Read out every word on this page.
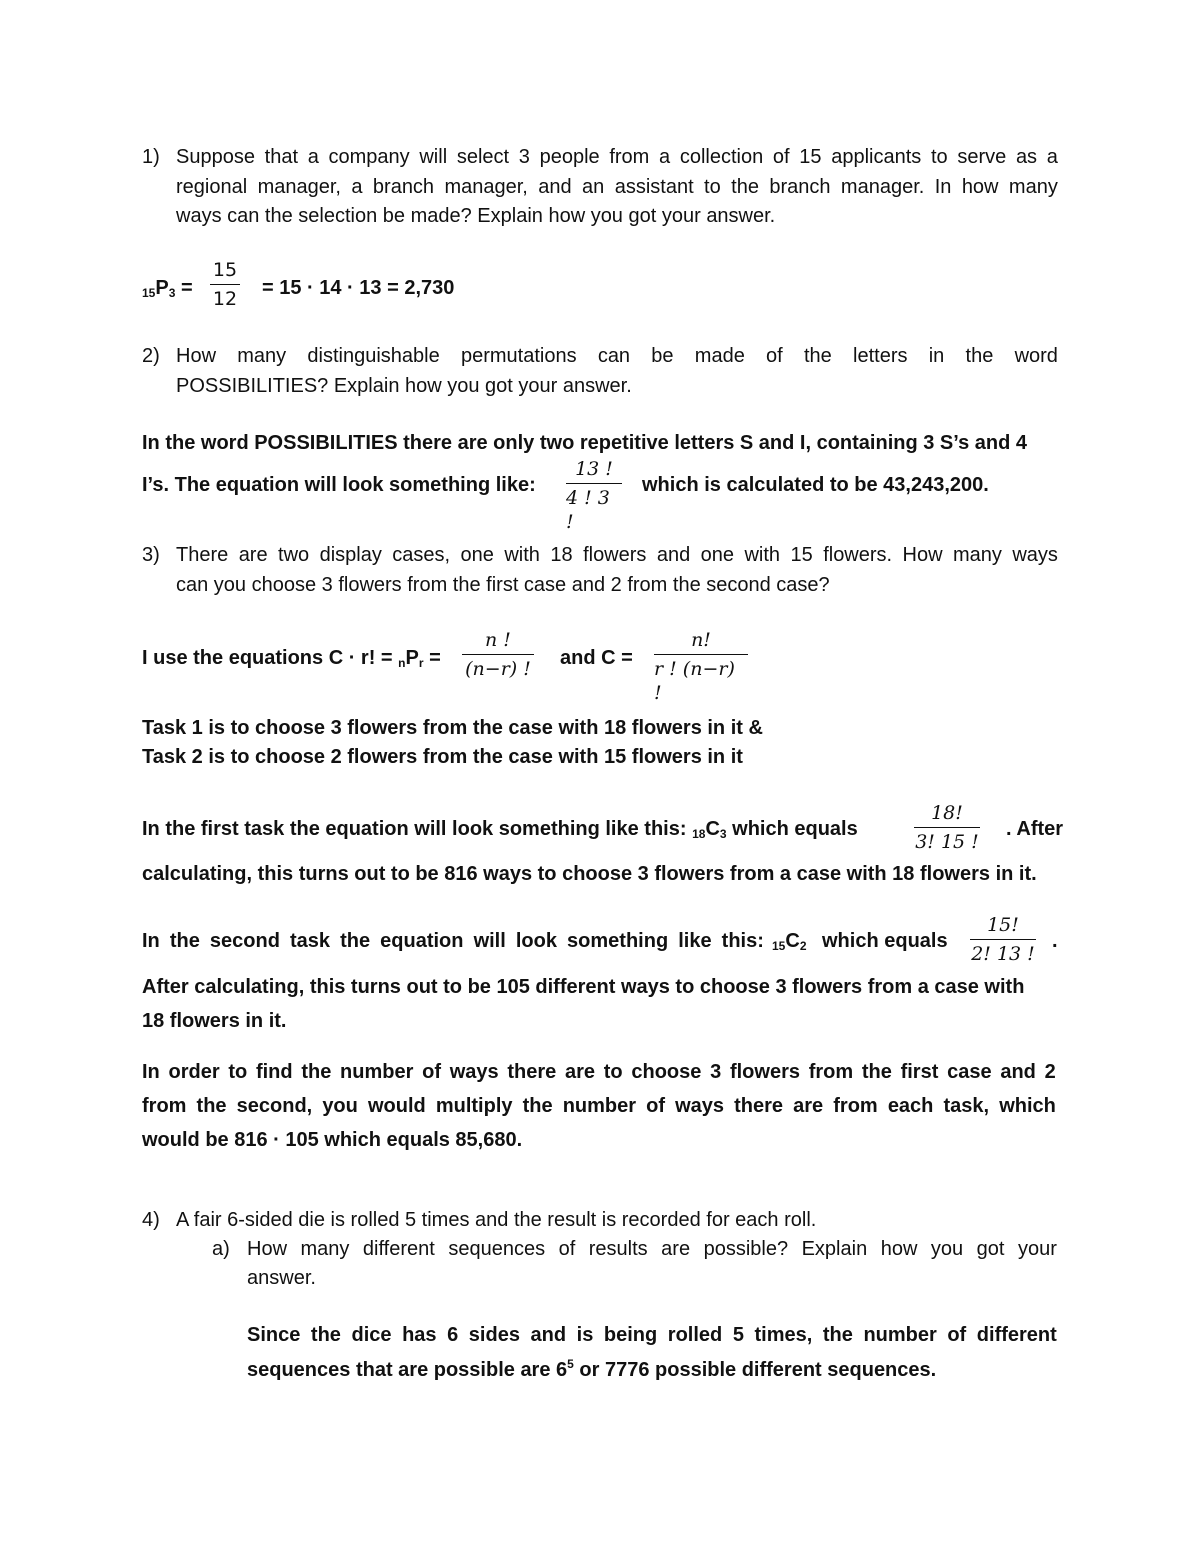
1) Suppose that a company will select 3 people from a collection of 15 applicants to serve as a
regional manager, a branch manager, and an assistant to the branch manager. In how many
ways can the selection be made? Explain how you got your answer.
$_{15}P_3$ =
15
12 = 15 · 14 · 13 = 2,730
2) How many distinguishable permutations can be made of the letters in the word
POSSIBILITIES? Explain how you got your answer.
In the word POSSIBILITIES there are only two repetitive letters S and I, containing 3 S’s and 4
I’s. The equation will look something like:
13 !
4 ! 3 !
which is calculated to be 43,243,200.
3) There are two display cases, one with 18 flowers and one with 15 flowers. How many ways
can you choose 3 flowers from the first case and 2 from the second case?
I use the equations C · r! = $_nP_r$ =
n !
(n−r) ! and C =
n!
r ! (n−r) !
Task 1 is to choose 3 flowers from the case with 18 flowers in it &
Task 2 is to choose 2 flowers from the case with 15 flowers in it
In the first task the equation will look something like this: $_{18}C_3$ which equals
18!
3! 15 !
. After
calculating, this turns out to be 816 ways to choose 3 flowers from a case with 18 flowers in it.
In the second task the equation will look something like this: $_{15}C_2$ which equals
15!
2! 13 !
.
After calculating, this turns out to be 105 different ways to choose 3 flowers from a case with
18 flowers in it.
In order to find the number of ways there are to choose 3 flowers from the first case and 2
from the second, you would multiply the number of ways there are from each task, which
would be 816 · 105 which equals 85,680.
4) A fair 6-sided die is rolled 5 times and the result is recorded for each roll.
a) How many different sequences of results are possible? Explain how you got your
answer.
Since the dice has 6 sides and is being rolled 5 times, the number of different
sequences that are possible are $6^5$ or 7776 possible different sequences.
